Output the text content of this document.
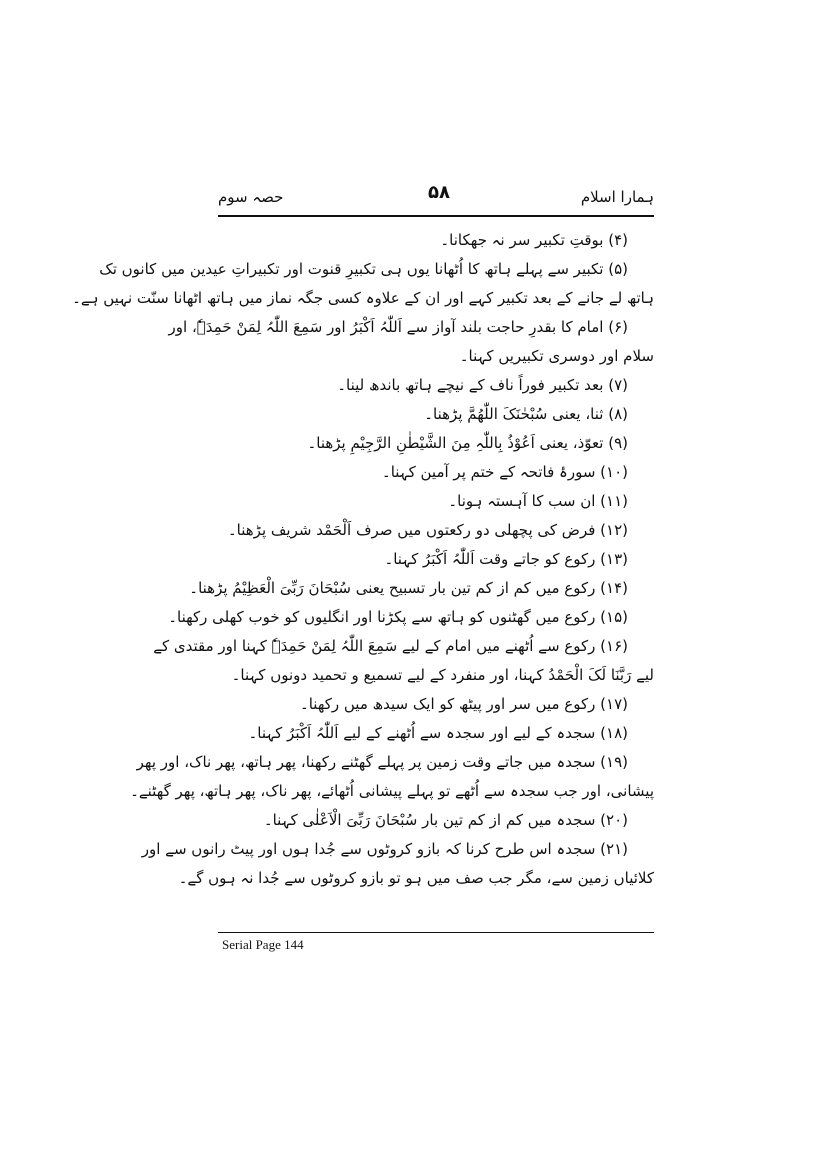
ہمارا اسلام
۵۸
حصہ سوم
(۴) بوقتِ تکبیر سر نہ جھکانا۔
(۵) تکبیر سے پہلے ہاتھ کا اُٹھانا یوں ہی تکبیرِ قنوت اور تکبیراتِ عیدین میں کانوں تک
ہاتھ لے جانے کے بعد تکبیر کہے اور ان کے علاوہ کسی جگہ نماز میں ہاتھ اٹھانا سنّت نہیں ہے۔
(۶) امام کا بقدرِ حاجت بلند آواز سے اَللّٰہُ اَکْبَرُ اور سَمِعَ اللّٰہُ لِمَنْ حَمِدَہٗ، اور
سلام اور دوسری تکبیریں کہنا۔
(۷) بعد تکبیر فوراً ناف کے نیچے ہاتھ باندھ لینا۔
(۸) ثنا، یعنی سُبْحٰنَکَ اللّٰھُمَّ پڑھنا۔
(۹) تعوّذ، یعنی اَعُوْذُ بِاللّٰہِ مِنَ الشَّیْطٰنِ الرَّجِیْمِ پڑھنا۔
(۱۰) سورۂ فاتحہ کے ختم پر آمین کہنا۔
(۱۱) ان سب کا آہستہ ہونا۔
(۱۲) فرض کی پچھلی دو رکعتوں میں صرف اَلْحَمْد شریف پڑھنا۔
(۱۳) رکوع کو جاتے وقت اَللّٰہُ اَکْبَرُ کہنا۔
(۱۴) رکوع میں کم از کم تین بار تسبیح یعنی سُبْحَانَ رَبِّیَ الْعَظِیْمُ پڑھنا۔
(۱۵) رکوع میں گھٹنوں کو ہاتھ سے پکڑنا اور انگلیوں کو خوب کھلی رکھنا۔
(۱۶) رکوع سے اُٹھنے میں امام کے لیے سَمِعَ اللّٰہُ لِمَنْ حَمِدَہٗ کہنا اور مقتدی کے
لیے رَبَّنَا لَکَ الْحَمْدُ کہنا، اور منفرد کے لیے تسمیع و تحمید دونوں کہنا۔
(۱۷) رکوع میں سر اور پیٹھ کو ایک سیدھ میں رکھنا۔
(۱۸) سجدہ کے لیے اور سجدہ سے اُٹھنے کے لیے اَللّٰہُ اَکْبَرُ کہنا۔
(۱۹) سجدہ میں جاتے وقت زمین پر پہلے گھٹنے رکھنا، پھر ہاتھ، پھر ناک، اور پھر
پیشانی، اور جب سجدہ سے اُٹھے تو پہلے پیشانی اُٹھائے، پھر ناک، پھر ہاتھ، پھر گھٹنے۔
(۲۰) سجدہ میں کم از کم تین بار سُبْحَانَ رَبِّیَ الْاَعْلٰی کہنا۔
(۲۱) سجدہ اس طرح کرنا کہ بازو کروٹوں سے جُدا ہوں اور پیٹ رانوں سے اور
کلائیاں زمین سے، مگر جب صف میں ہو تو بازو کروٹوں سے جُدا نہ ہوں گے۔
Serial Page 144
